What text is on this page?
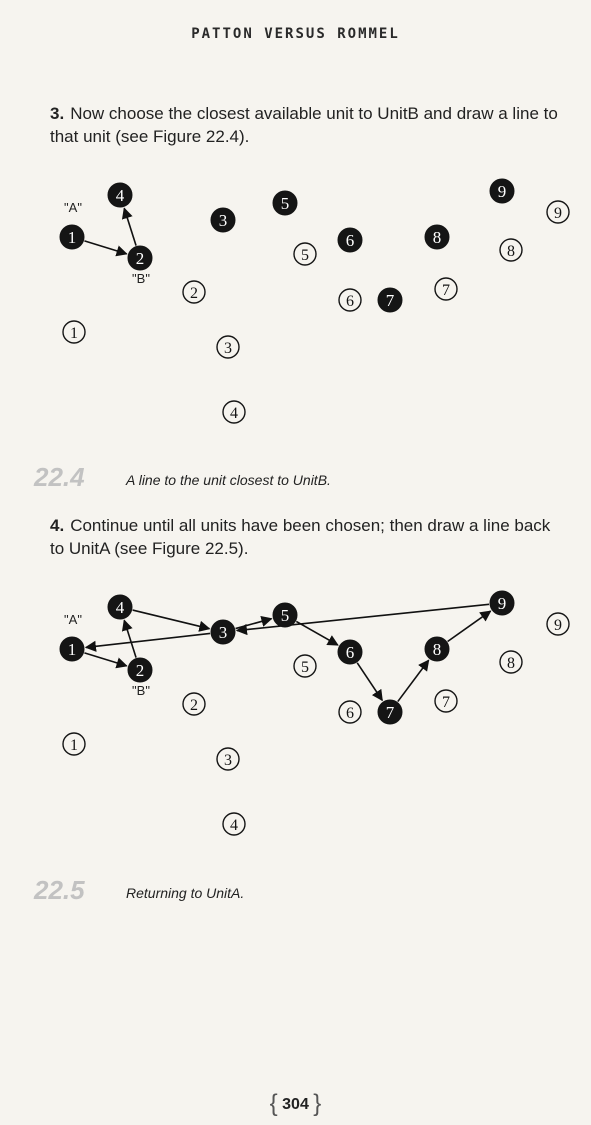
PATTON VERSUS ROMMEL
3. Now choose the closest available unit to UnitB and draw a line to that unit (see Figure 22.4).
1
2
3
4	5
6
7
8
9
1
2
3
4
5
6
7
8
9
"A"
"B"
22.4	A line to the unit closest to UnitB.
4. Continue until all units have been chosen; then draw a line back to UnitA (see Figure 22.5).
1
2
3
4	5
6
7
8
9
1
2
3
4
5
6
7
8
9
"A"
"B"
22.5	Returning to UnitA.
{ 304 }
